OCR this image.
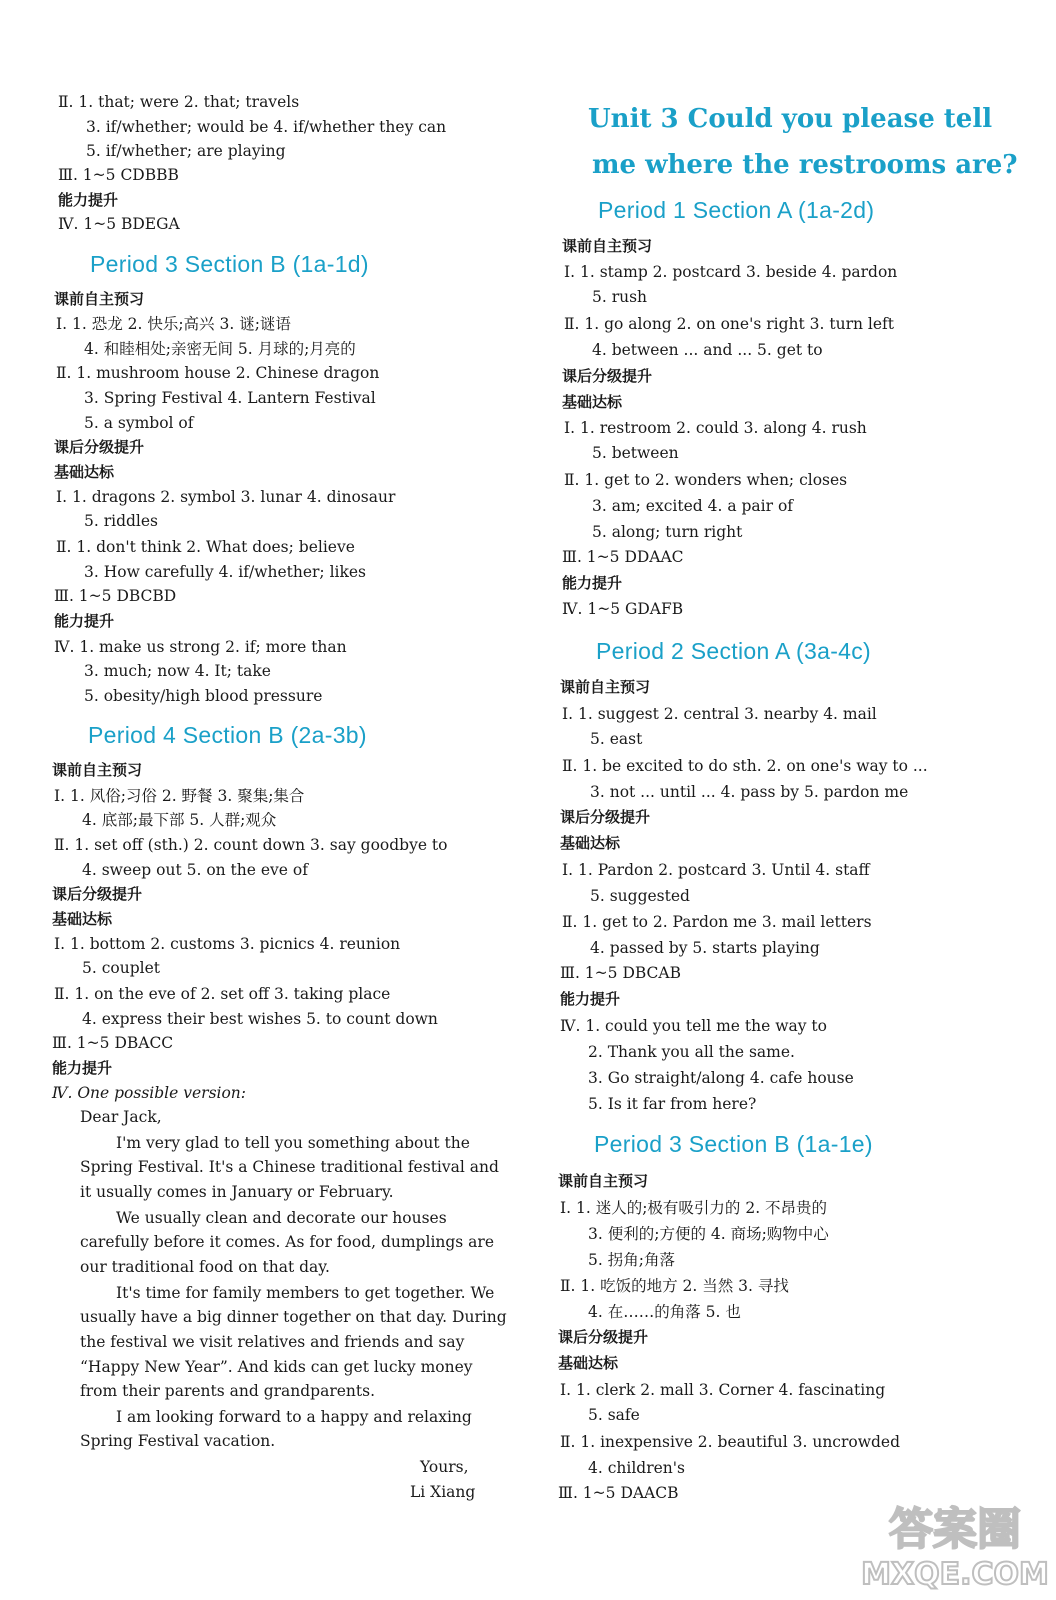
Ⅱ. 1. that; were 2. that; travels
3. if/whether; would be 4. if/whether they can
5. if/whether; are playing
Ⅲ. 1~5 CDBBB
能力提升
Ⅳ. 1~5 BDEGA
Period 3 Section B (1a-1d)
课前自主预习
Ⅰ. 1. 恐龙 2. 快乐;高兴 3. 谜;谜语
4. 和睦相处;亲密无间 5. 月球的;月亮的
Ⅱ. 1. mushroom house 2. Chinese dragon
3. Spring Festival 4. Lantern Festival
5. a symbol of
课后分级提升
基础达标
Ⅰ. 1. dragons 2. symbol 3. lunar 4. dinosaur
5. riddles
Ⅱ. 1. don't think 2. What does; believe
3. How carefully 4. if/whether; likes
Ⅲ. 1~5 DBCBD
能力提升
Ⅳ. 1. make us strong 2. if; more than
3. much; now 4. It; take
5. obesity/high blood pressure
Period 4 Section B (2a-3b)
课前自主预习
Ⅰ. 1. 风俗;习俗 2. 野餐 3. 聚集;集合
4. 底部;最下部 5. 人群;观众
Ⅱ. 1. set off (sth.) 2. count down 3. say goodbye to
4. sweep out 5. on the eve of
课后分级提升
基础达标
Ⅰ. 1. bottom 2. customs 3. picnics 4. reunion
5. couplet
Ⅱ. 1. on the eve of 2. set off 3. taking place
4. express their best wishes 5. to count down
Ⅲ. 1~5 DBACC
能力提升
Ⅳ. One possible version:
Dear Jack,
I'm very glad to tell you something about the
Spring Festival. It's a Chinese traditional festival and
it usually comes in January or February.
We usually clean and decorate our houses
carefully before it comes. As for food, dumplings are
our traditional food on that day.
It's time for family members to get together. We
usually have a big dinner together on that day. During
the festival we visit relatives and friends and say
“Happy New Year”. And kids can get lucky money
from their parents and grandparents.
I am looking forward to a happy and relaxing
Spring Festival vacation.
Yours,
Li Xiang
Unit 3 Could you please tell
me where the restrooms are?
Period 1 Section A (1a-2d)
课前自主预习
Ⅰ. 1. stamp 2. postcard 3. beside 4. pardon
5. rush
Ⅱ. 1. go along 2. on one's right 3. turn left
4. between ... and ... 5. get to
课后分级提升
基础达标
Ⅰ. 1. restroom 2. could 3. along 4. rush
5. between
Ⅱ. 1. get to 2. wonders when; closes
3. am; excited 4. a pair of
5. along; turn right
Ⅲ. 1~5 DDAAC
能力提升
Ⅳ. 1~5 GDAFB
Period 2 Section A (3a-4c)
课前自主预习
Ⅰ. 1. suggest 2. central 3. nearby 4. mail
5. east
Ⅱ. 1. be excited to do sth. 2. on one's way to ...
3. not ... until ... 4. pass by 5. pardon me
课后分级提升
基础达标
Ⅰ. 1. Pardon 2. postcard 3. Until 4. staff
5. suggested
Ⅱ. 1. get to 2. Pardon me 3. mail letters
4. passed by 5. starts playing
Ⅲ. 1~5 DBCAB
能力提升
Ⅳ. 1. could you tell me the way to
2. Thank you all the same.
3. Go straight/along 4. cafe house
5. Is it far from here?
Period 3 Section B (1a-1e)
课前自主预习
Ⅰ. 1. 迷人的;极有吸引力的 2. 不昂贵的
3. 便利的;方便的 4. 商场;购物中心
5. 拐角;角落
Ⅱ. 1. 吃饭的地方 2. 当然 3. 寻找
4. 在……的角落 5. 也
课后分级提升
基础达标
Ⅰ. 1. clerk 2. mall 3. Corner 4. fascinating
5. safe
Ⅱ. 1. inexpensive 2. beautiful 3. uncrowded
4. children's
Ⅲ. 1~5 DAACB
答案圈
MXQE.COM
